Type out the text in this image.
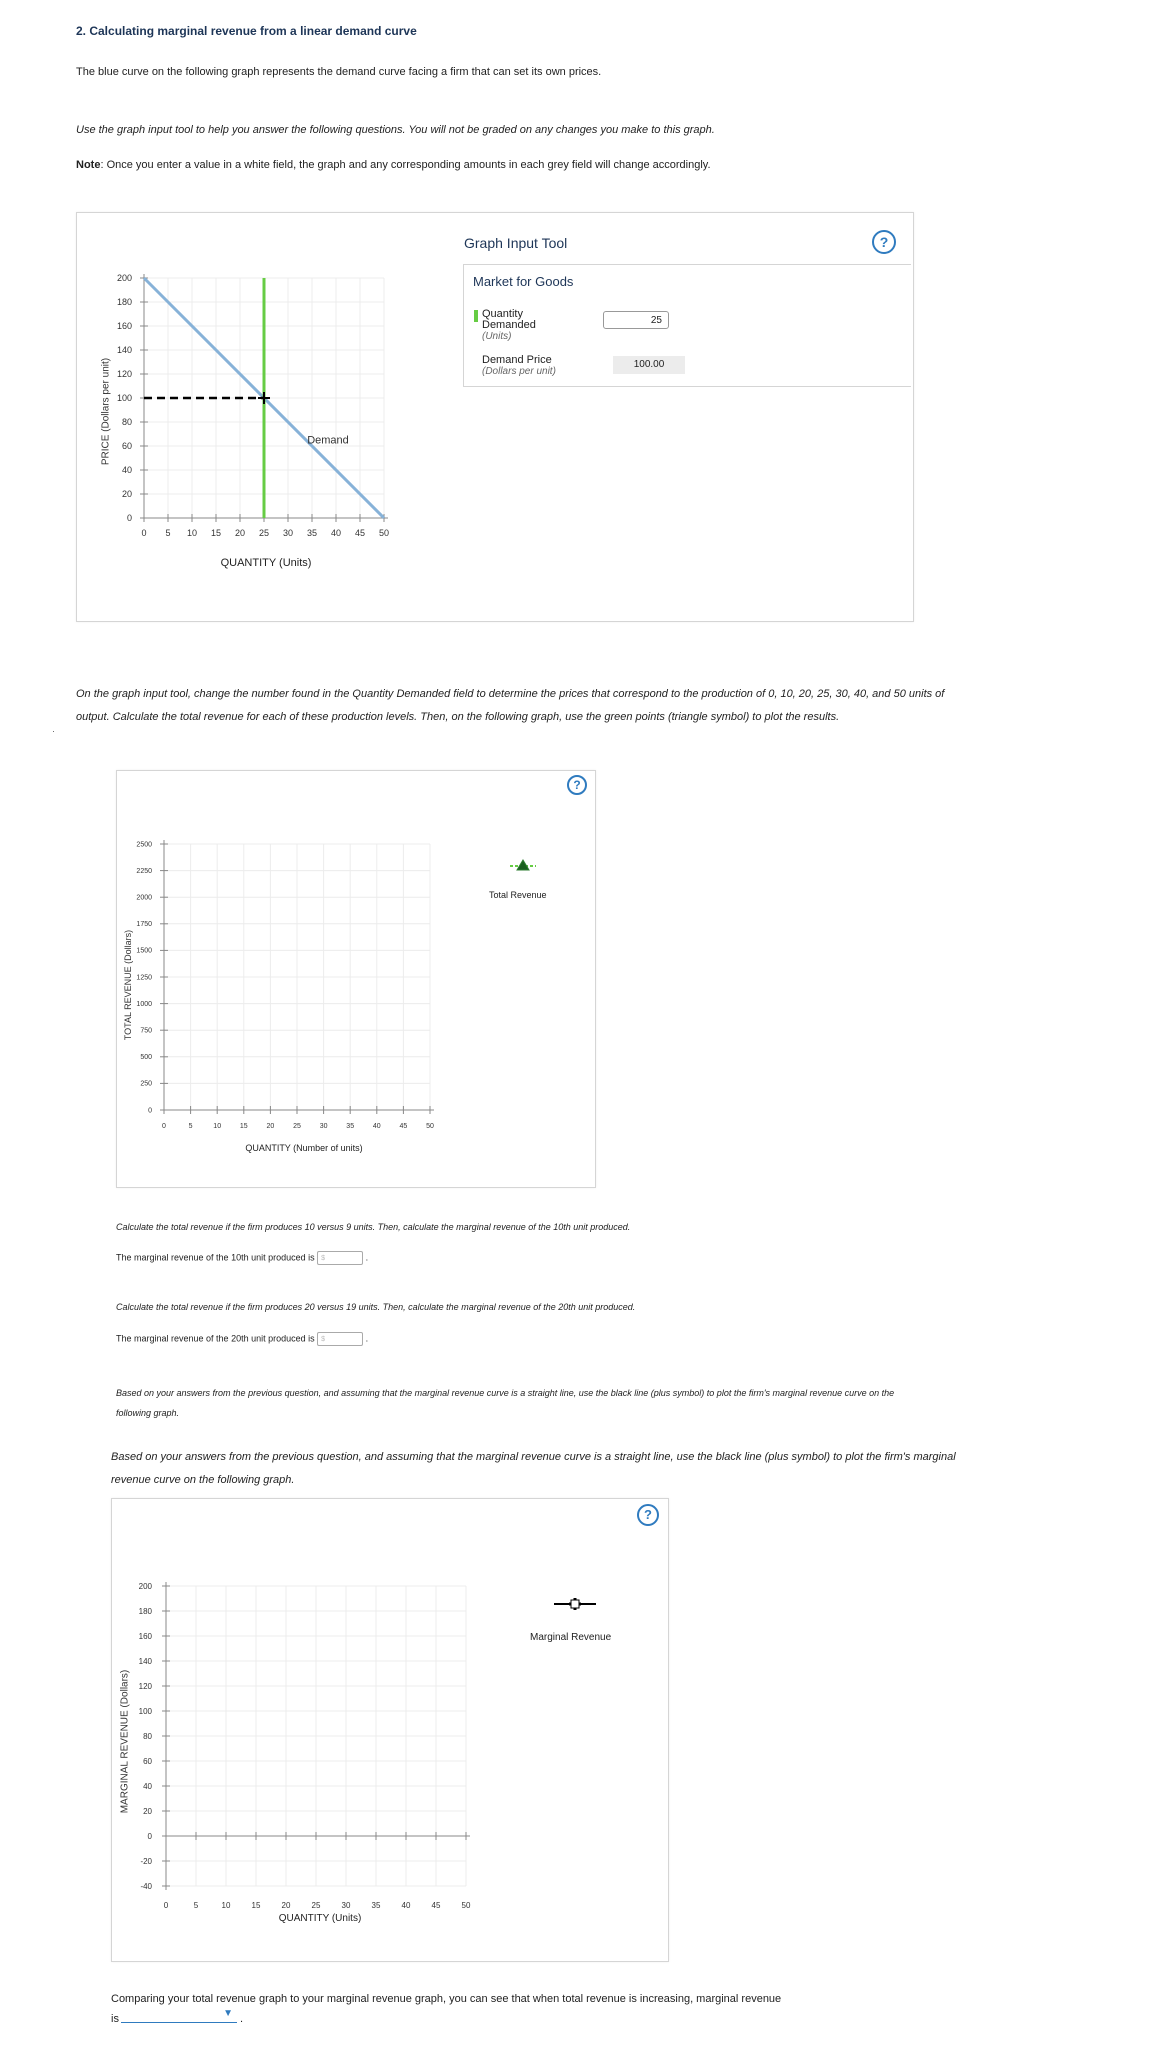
2. Calculating marginal revenue from a linear demand curve
The blue curve on the following graph represents the demand curve facing a firm that can set its own prices.
Use the graph input tool to help you answer the following questions. You will not be graded on any changes you make to this graph.
Note: Once you enter a value in a white field, the graph and any corresponding amounts in each grey field will change accordingly.
PRICE (Dollars per unit)
200
180
160
140
120
100
80
60
40
20
0
0 5 10 15 20 25 30 35 40 45 50
Demand
QUANTITY (Units)
Graph Input Tool	?
Market for Goods
Quantity
Demanded
(Units)
25
Demand Price
(Dollars per unit)
100.00
On the graph input tool, change the number found in the Quantity Demanded field to determine the prices that correspond to the production of 0, 10, 20, 25, 30, 40, and 50 units of output. Calculate the total revenue for each of these production levels. Then, on the following graph, use the green points (triangle symbol) to plot the results.
·
?
TOTAL REVENUE (Dollars)
2500
2250
2000
1750
1500
1250
1000
750
500
250
0
0	5	10	15	20	25	30	35	40	45	50
QUANTITY (Number of units)
Total Revenue
Calculate the total revenue if the firm produces 10 versus 9 units. Then, calculate the marginal revenue of the 10th unit produced.
The marginal revenue of the 10th unit produced is $	.
Calculate the total revenue if the firm produces 20 versus 19 units. Then, calculate the marginal revenue of the 20th unit produced.
The marginal revenue of the 20th unit produced is $	.
Based on your answers from the previous question, and assuming that the marginal revenue curve is a straight line, use the black line (plus symbol) to plot the firm's marginal revenue curve on the following graph.
Based on your answers from the previous question, and assuming that the marginal revenue curve is a straight line, use the black line (plus symbol) to plot the firm's marginal revenue curve on the following graph.
?
MARGINAL REVENUE (Dollars)
200
180
160
140
120
100
80
60
40
20
0
-20
-40
0	5	10	15	20	25	30	35	40	45	50
QUANTITY (Units)
Marginal Revenue
Comparing your total revenue graph to your marginal revenue graph, you can see that when total revenue is increasing, marginal revenue
is	▼ .
